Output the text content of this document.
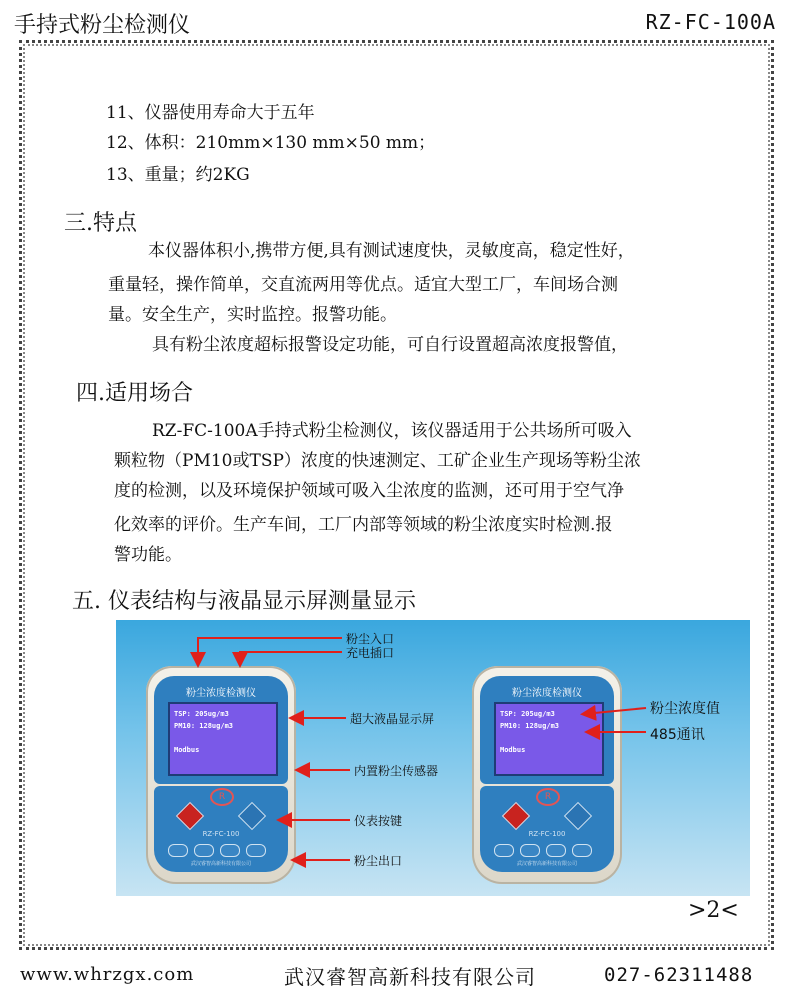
手持式粉尘检测仪	RZ-FC-100A
11、仪器使用寿命大于五年
12、体积：210mm×130 mm×50 mm；
13、重量；约2KG
三.特点
本仪器体积小,携带方便,具有测试速度快，灵敏度高，稳定性好，
重量轻，操作简单，交直流两用等优点。适宜大型工厂，车间场合测
量。安全生产，实时监控。报警功能。
具有粉尘浓度超标报警设定功能，可自行设置超高浓度报警值，
四.适用场合
RZ-FC-100A手持式粉尘检测仪，该仪器适用于公共场所可吸入
颗粒物（PM10或TSP）浓度的快速测定、工矿企业生产现场等粉尘浓
度的检测，以及环境保护领域可吸入尘浓度的监测，还可用于空气净
化效率的评价。生产车间，工厂内部等领域的粉尘浓度实时检测.报
警功能。
五. 仪表结构与液晶显示屏测量显示
粉尘浓度检测仪
TSP: 205ug/m3
PM10: 128ug/m3
Modbus
R
RZ-FC-100
武汉睿智高新科技有限公司
粉尘浓度检测仪
TSP: 205ug/m3
PM10: 128ug/m3
Modbus
R
RZ-FC-100
武汉睿智高新科技有限公司
粉尘入口
充电插口
超大液晶显示屏
内置粉尘传感器
仪表按键
粉尘出口
粉尘浓度值
485通讯
>2<
www.whrzgx.com	武汉睿智高新科技有限公司	027-62311488
